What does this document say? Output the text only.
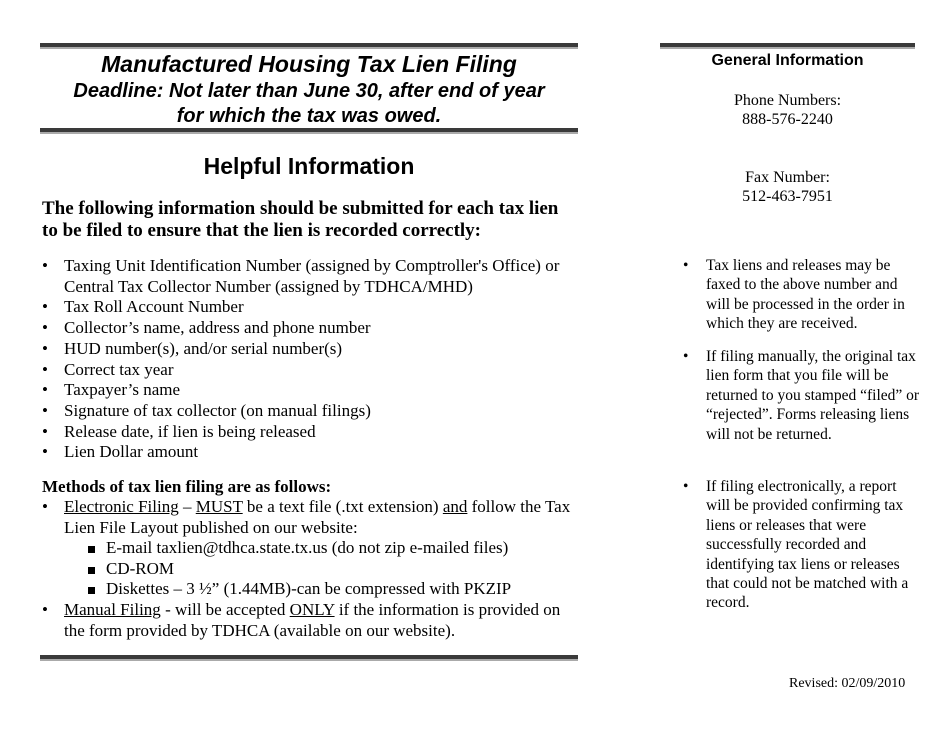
Manufactured Housing Tax Lien Filing
Deadline: Not later than June 30, after end of year
for which the tax was owed.
Helpful Information
The following information should be submitted for each tax lien to be filed to ensure that the lien is recorded correctly:
• Taxing Unit Identification Number (assigned by Comptroller's Office) or Central Tax Collector Number (assigned by TDHCA/MHD)
• Tax Roll Account Number
• Collector’s name, address and phone number
• HUD number(s), and/or serial number(s)
• Correct tax year
• Taxpayer’s name
• Signature of tax collector (on manual filings)
• Release date, if lien is being released
• Lien Dollar amount
Methods of tax lien filing are as follows:
• Electronic Filing – MUST be a text file (.txt extension) and follow the Tax Lien File Layout published on our website:
E-mail taxlien@tdhca.state.tx.us (do not zip e-mailed files)
CD-ROM
Diskettes – 3 ½” (1.44MB)-can be compressed with PKZIP
• Manual Filing - will be accepted ONLY if the information is provided on the form provided by TDHCA (available on our website).
General Information
Phone Numbers:
888-576-2240
Fax Number:
512-463-7951
•	Tax liens and releases may be faxed to the above number and will be processed in the order in which they are received.
•	If filing manually, the original tax lien form that you file will be returned to you stamped “filed” or “rejected”. Forms releasing liens will not be returned.
•	If filing electronically, a report will be provided confirming tax liens or releases that were successfully recorded and identifying tax liens or releases that could not be matched with a record.
Revised: 02/09/2010
